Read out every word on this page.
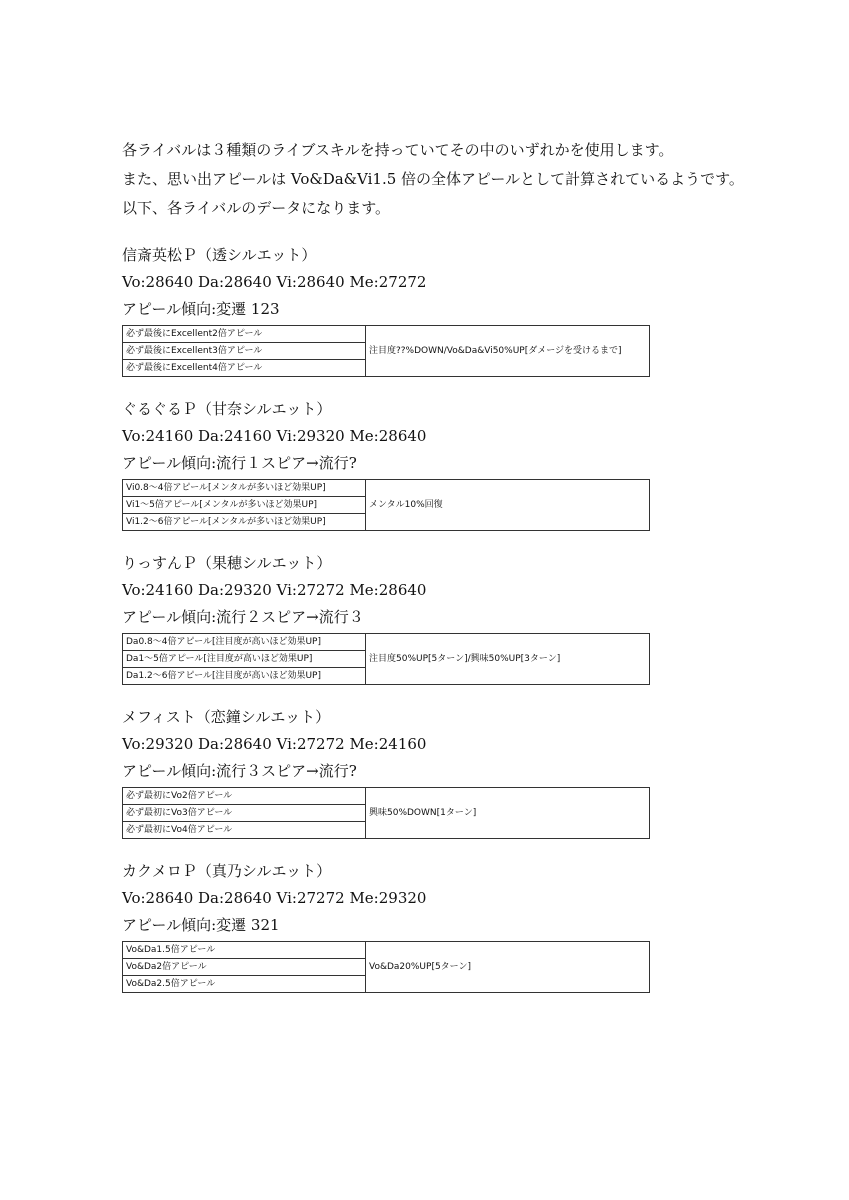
各ライバルは３種類のライブスキルを持っていてその中のいずれかを使用します。
また、思い出アピールは Vo&Da&Vi1.5 倍の全体アピールとして計算されているようです。
以下、各ライバルのデータになります。
信斎英松Ｐ（透シルエット）
Vo:28640 Da:28640 Vi:28640 Me:27272
アピール傾向:変遷 123
必ず最後にExcellent2倍アピール	注目度??%DOWN/Vo&Da&Vi50%UP[ダメージを受けるまで]
必ず最後にExcellent3倍アピール
必ず最後にExcellent4倍アピール
ぐるぐるＰ（甘奈シルエット）
Vo:24160 Da:24160 Vi:29320 Me:28640
アピール傾向:流行１スピア→流行?
Vi0.8～4倍アピール[メンタルが多いほど効果UP]	メンタル10%回復
Vi1～5倍アピール[メンタルが多いほど効果UP]
Vi1.2～6倍アピール[メンタルが多いほど効果UP]
りっすんＰ（果穂シルエット）
Vo:24160 Da:29320 Vi:27272 Me:28640
アピール傾向:流行２スピア→流行３
Da0.8～4倍アピール[注目度が高いほど効果UP]	注目度50%UP[5ターン]/興味50%UP[3ターン]
Da1～5倍アピール[注目度が高いほど効果UP]
Da1.2～6倍アピール[注目度が高いほど効果UP]
メフィスト（恋鐘シルエット）
Vo:29320 Da:28640 Vi:27272 Me:24160
アピール傾向:流行３スピア→流行?
必ず最初にVo2倍アピール	興味50%DOWN[1ターン]
必ず最初にVo3倍アピール
必ず最初にVo4倍アピール
カクメロＰ（真乃シルエット）
Vo:28640 Da:28640 Vi:27272 Me:29320
アピール傾向:変遷 321
Vo&Da1.5倍アピール	Vo&Da20%UP[5ターン]
Vo&Da2倍アピール
Vo&Da2.5倍アピール
